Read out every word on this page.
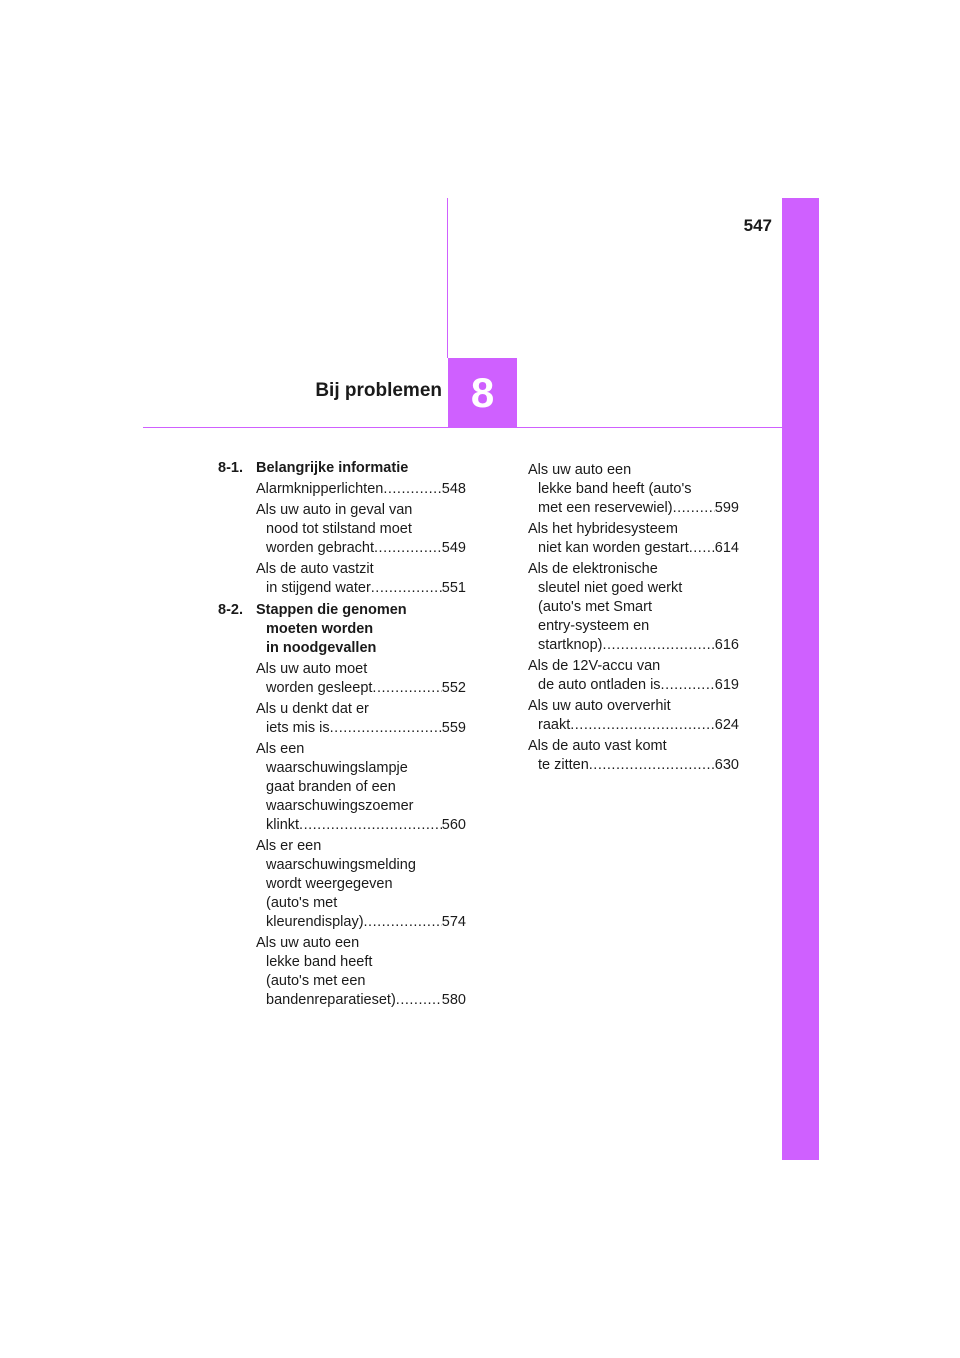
547
Bij problemen 8
8-1. Belangrijke informatie
Alarmknipperlichten .....	548
Als uw auto in geval van
nood tot stilstand moet
worden gebracht .....	549
Als de auto vastzit
in stijgend water .....	551
8-2. Stappen die genomen
moeten worden
in noodgevallen
Als uw auto moet
worden gesleept .....	552
Als u denkt dat er
iets mis is .....	559
Als een
waarschuwingslampje
gaat branden of een
waarschuwingszoemer
klinkt .....	560
Als er een
waarschuwingsmelding
wordt weergegeven
(auto's met
kleurendisplay) .....	574
Als uw auto een
lekke band heeft
(auto's met een
bandenreparatieset) .....	580
Als uw auto een
lekke band heeft (auto's
met een reservewiel) .....	599
Als het hybridesysteem
niet kan worden gestart ..... 614
Als de elektronische
sleutel niet goed werkt
(auto's met Smart
entry-systeem en
startknop) .....	616
Als de 12V-accu van
de auto ontladen is .....	619
Als uw auto oververhit
raakt .....	624
Als de auto vast komt
te zitten .....	630
